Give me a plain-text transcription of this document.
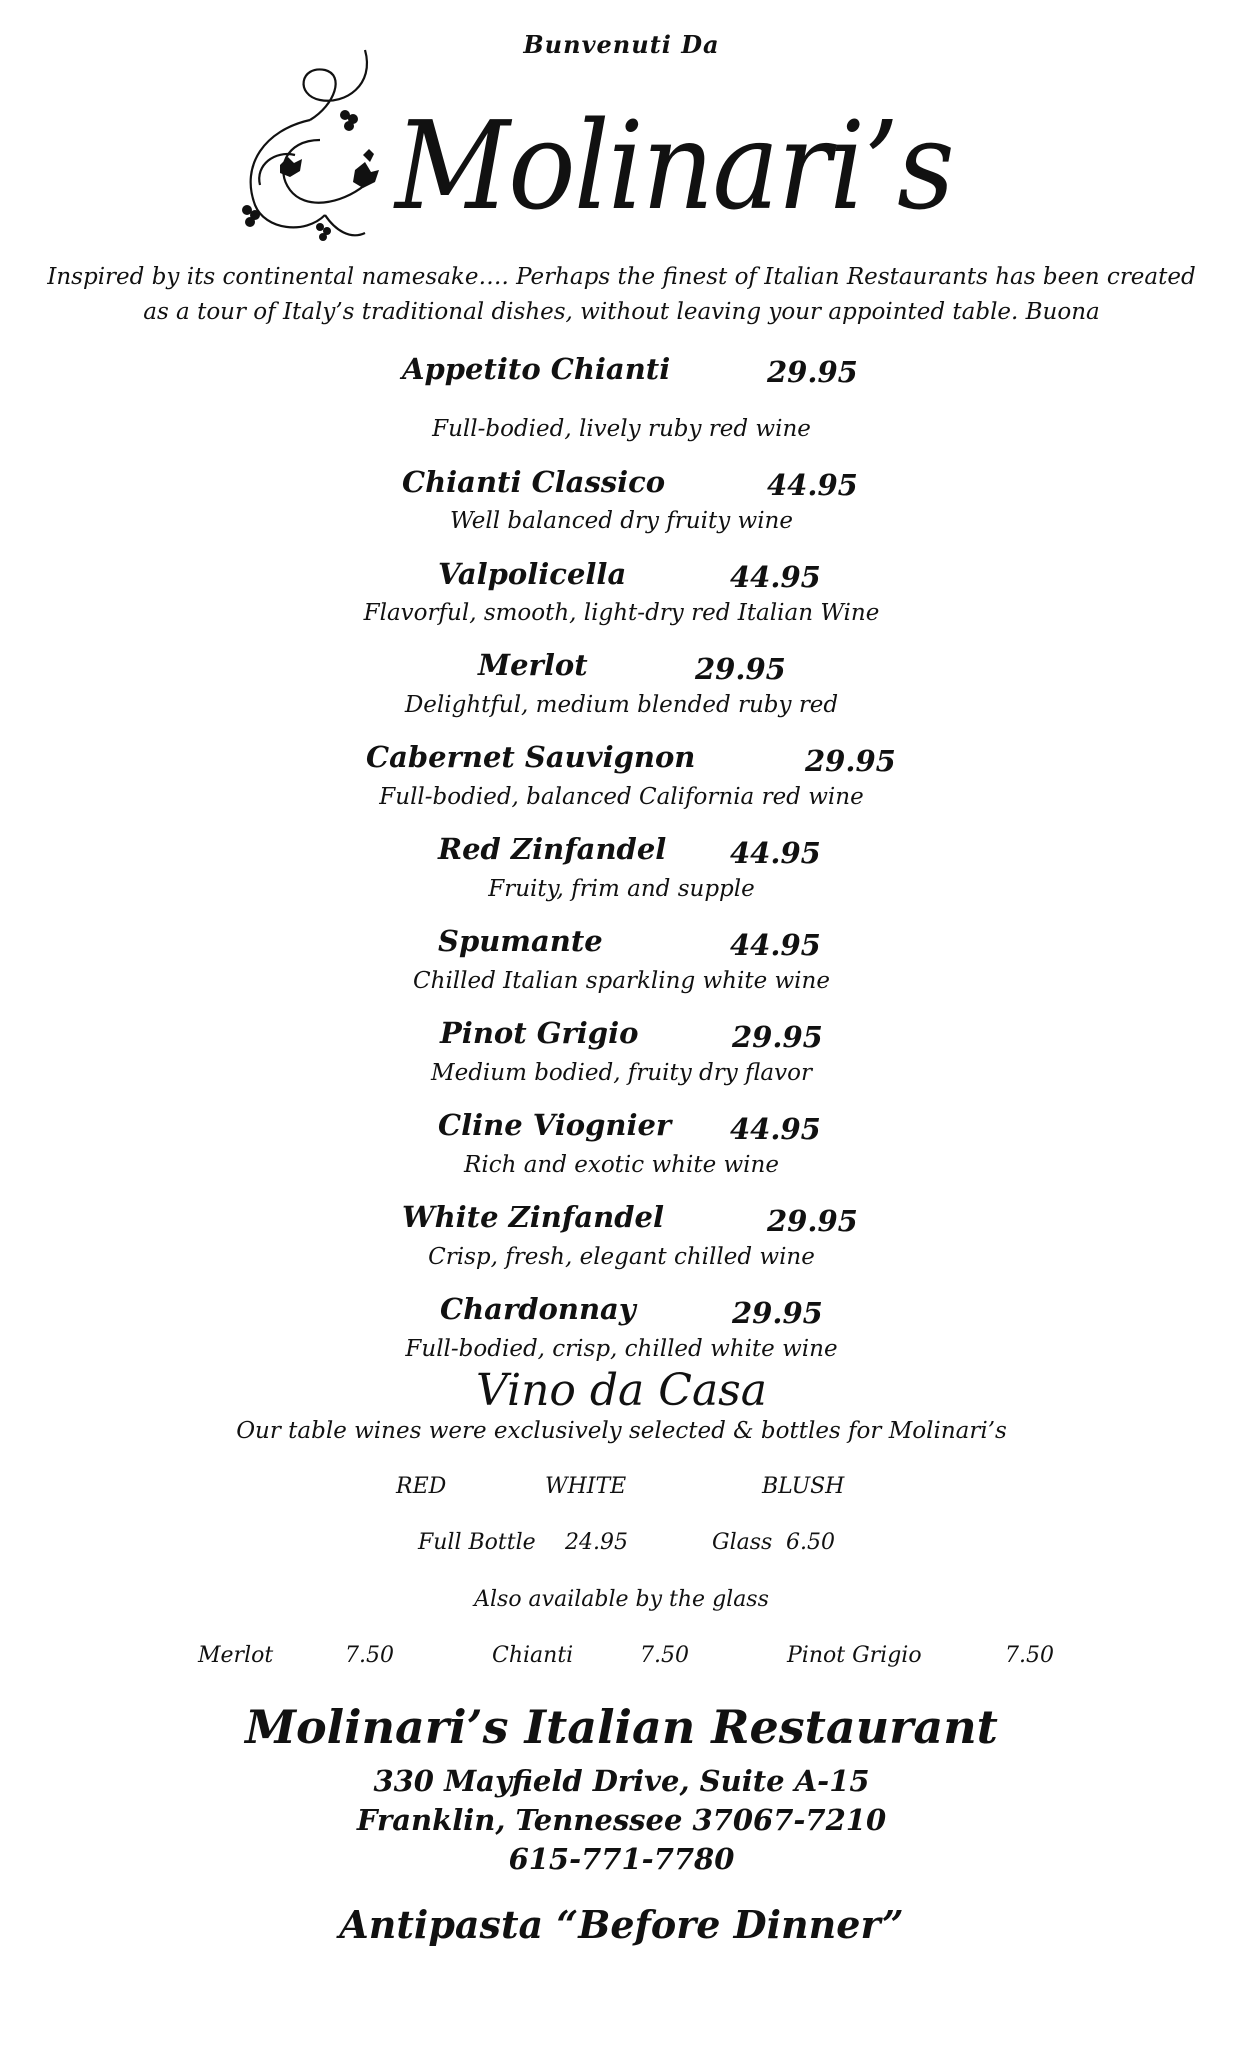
Bunvenuti Da
Molinari’s
Inspired by its continental namesake…. Perhaps the finest of Italian Restaurants has been created
as a tour of Italy’s traditional dishes, without leaving your appointed table. Buona
Appetito Chianti	29.95
Full-bodied, lively ruby red wine
Chianti Classico	44.95
Well balanced dry fruity wine
Valpolicella	44.95
Flavorful, smooth, light-dry red Italian Wine
Merlot	29.95
Delightful, medium blended ruby red
Cabernet Sauvignon	29.95
Full-bodied, balanced California red wine
Red Zinfandel 44.95
Fruity, frim and supple
Spumante	44.95
Chilled Italian sparkling white wine
Pinot Grigio	29.95
Medium bodied, fruity dry flavor
Cline Viognier 44.95
Rich and exotic white wine
White Zinfandel	29.95
Crisp, fresh, elegant chilled wine
Chardonnay	29.95
Full-bodied, crisp, chilled white wine
Vino da Casa
Our table wines were exclusively selected & bottles for Molinari’s
RED	WHITE	BLUSH
Full Bottle 24.95	Glass 6.50
Also available by the glass
Merlot	7.50	Chianti	7.50	Pinot Grigio	7.50
Molinari’s Italian Restaurant
330 Mayfield Drive, Suite A-15
Franklin, Tennessee 37067-7210
615-771-7780
Antipasta “Before Dinner”
